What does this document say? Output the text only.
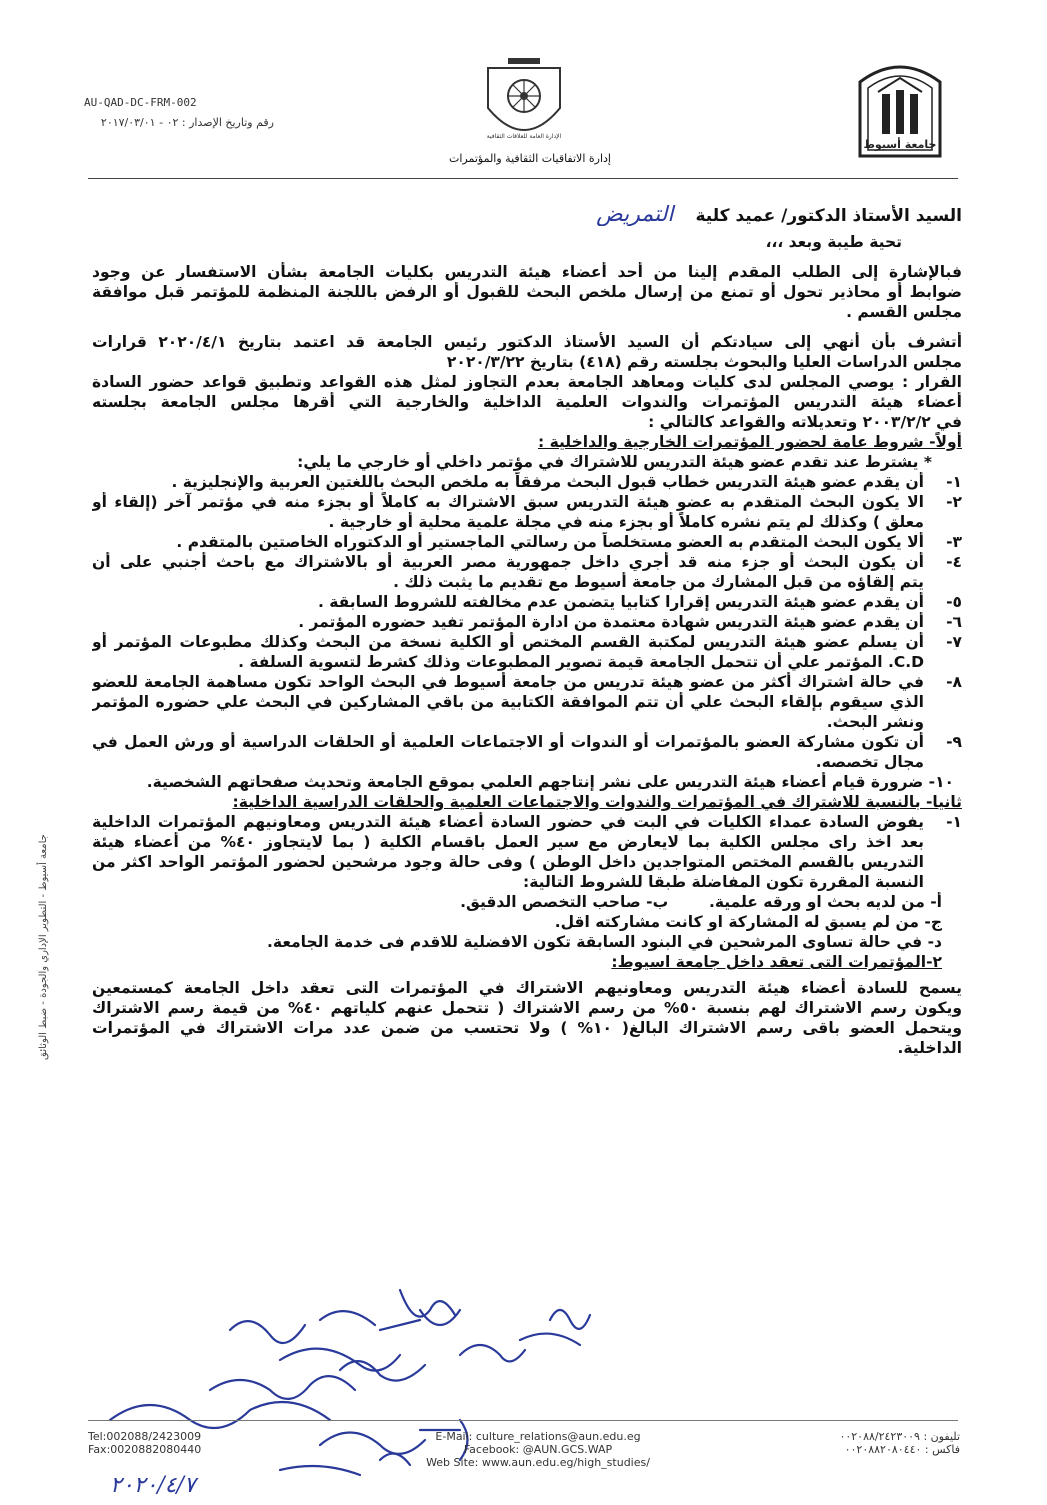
جامعة أسيوط
الإدارة العامة للعلاقات الثقافية
إدارة الاتفاقيات الثقافية والمؤتمرات
AU-QAD-DC-FRM-002
رقم وتاريخ الإصدار : ٠٢ - ٢٠١٧/٠٣/٠١
جامعة أسيوط - التطوير الإداري والجودة - ضبط الوثائق

السيد الأستاذ الدكتور/ عميد كلية التمريض

تحية طيبة وبعد ،،،

فبالإشارة إلى الطلب المقدم إلينا من أحد أعضاء هيئة التدريس بكليات الجامعة بشأن الاستفسار عن وجود

ضوابط أو محاذير تحول أو تمنع من إرسال ملخص البحث للقبول أو الرفض باللجنة المنظمة للمؤتمر قبل موافقة

مجلس القسم .

أتشرف بأن أنهي إلى سيادتكم أن السيد الأستاذ الدكتور رئيس الجامعة قد اعتمد بتاريخ ٢٠٢٠/٤/١ قرارات

مجلس الدراسات العليا والبحوث بجلسته رقم (٤١٨) بتاريخ ٢٠٢٠/٣/٢٢

القرار : يوصي المجلس لدى كليات ومعاهد الجامعة بعدم التجاوز لمثل هذه القواعد وتطبيق قواعد حضور السادة

أعضاء هيئة التدريس المؤتمرات والندوات العلمية الداخلية والخارجية التي أقرها مجلس الجامعة بجلسته

في ٢٠٠٣/٢/٢ وتعديلاته والقواعد كالتالي :

أولاً- شروط عامة لحضور المؤتمرات الخارجية والداخلية :

* يشترط عند تقدم عضو هيئة التدريس للاشتراك في مؤتمر داخلي أو خارجي ما يلي:

١-

أن يقدم عضو هيئة التدريس خطاب قبول البحث مرفقاً به ملخص البحث باللغتين العربية والإنجليزية .

٢-

الا يكون البحث المتقدم به عضو هيئة التدريس سبق الاشتراك به كاملاً أو بجزء منه في مؤتمر آخر (إلقاء أو

معلق ) وكذلك لم يتم نشره كاملاً أو بجزء منه في مجلة علمية محلية أو خارجية .

٣-

ألا يكون البحث المتقدم به العضو مستخلصاً من رسالتي الماجستير أو الدكتوراه الخاصتين بالمتقدم .

٤-

أن يكون البحث أو جزء منه قد أجري داخل جمهورية مصر العربية أو بالاشتراك مع باحث أجنبي على أن

يتم إلقاؤه من قبل المشارك من جامعة أسيوط مع تقديم ما يثبت ذلك .

٥-

أن يقدم عضو هيئة التدريس إقرارا كتابيا يتضمن عدم مخالفته للشروط السابقة .

٦-

أن يقدم عضو هيئة التدريس شهادة معتمدة من ادارة المؤتمر تفيد حضوره المؤتمر .

٧-

أن يسلم عضو هيئة التدريس لمكتبة القسم المختص أو الكلية نسخة من البحث وكذلك مطبوعات المؤتمر أو

C.D. المؤتمر علي أن تتحمل الجامعة قيمة تصوير المطبوعات وذلك كشرط لتسوية السلفة .

٨-

في حالة اشتراك أكثر من عضو هيئة تدريس من جامعة أسيوط في البحث الواحد تكون مساهمة الجامعة للعضو

الذي سيقوم بإلقاء البحث علي أن تتم الموافقة الكتابية من باقي المشاركين في البحث علي حضوره المؤتمر

ونشر البحث.

٩-

أن تكون مشاركة العضو بالمؤتمرات أو الندوات أو الاجتماعات العلمية أو الحلقات الدراسية أو ورش العمل في

مجال تخصصه.

١٠- ضرورة قيام أعضاء هيئة التدريس على نشر إنتاجهم العلمي بموقع الجامعة وتحديث صفحاتهم الشخصية.

ثانيا- بالنسبة للاشتراك في المؤتمرات والندوات والاجتماعات العلمية والحلقات الدراسية الداخلية:

١-

يفوض السادة عمداء الكليات في البت في حضور السادة أعضاء هيئة التدريس ومعاونيهم المؤتمرات الداخلية

بعد اخذ راى مجلس الكلية بما لايعارض مع سير العمل باقسام الكلية ( بما لايتجاوز ٤٠% من أعضاء هيئة

التدريس بالقسم المختص المتواجدين داخل الوطن ) وفى حالة وجود مرشحين لحضور المؤتمر الواحد اكثر من

النسبة المقررة تكون المفاضلة طبقا للشروط التالية:

أ- من لديه بحث او ورقه علمية.  ب- صاحب التخصص الدقيق.

ج- من لم يسبق له المشاركة او كانت مشاركته اقل.

د- في حالة تساوى المرشحين في البنود السابقة تكون الافضلية للاقدم فى خدمة الجامعة.

٢-المؤتمرات التى تعقد داخل جامعة اسيوط:

يسمح للسادة أعضاء هيئة التدريس ومعاونيهم الاشتراك في المؤتمرات التى تعقد داخل الجامعة كمستمعين

ويكون رسم الاشتراك لهم بنسبة ٥٠% من رسم الاشتراك ( تتحمل عنهم كلياتهم ٤٠% من قيمة رسم الاشتراك

ويتحمل العضو باقى رسم الاشتراك البالغ( ١٠% ) ولا تحتسب من ضمن عدد مرات الاشتراك في المؤتمرات

الداخلية.

٢٠٢٠/٤/٧
Tel:002088/2423009
Fax:0020882080440
E-Mail: culture_relations@aun.edu.eg
Facebook: @AUN.GCS.WAP
Web Site: www.aun.edu.eg/high_studies/
تليفون : ٠٠٢٠٨٨/٢٤٢٣٠٠٩
فاكس : ٠٠٢٠٨٨٢٠٨٠٤٤٠
